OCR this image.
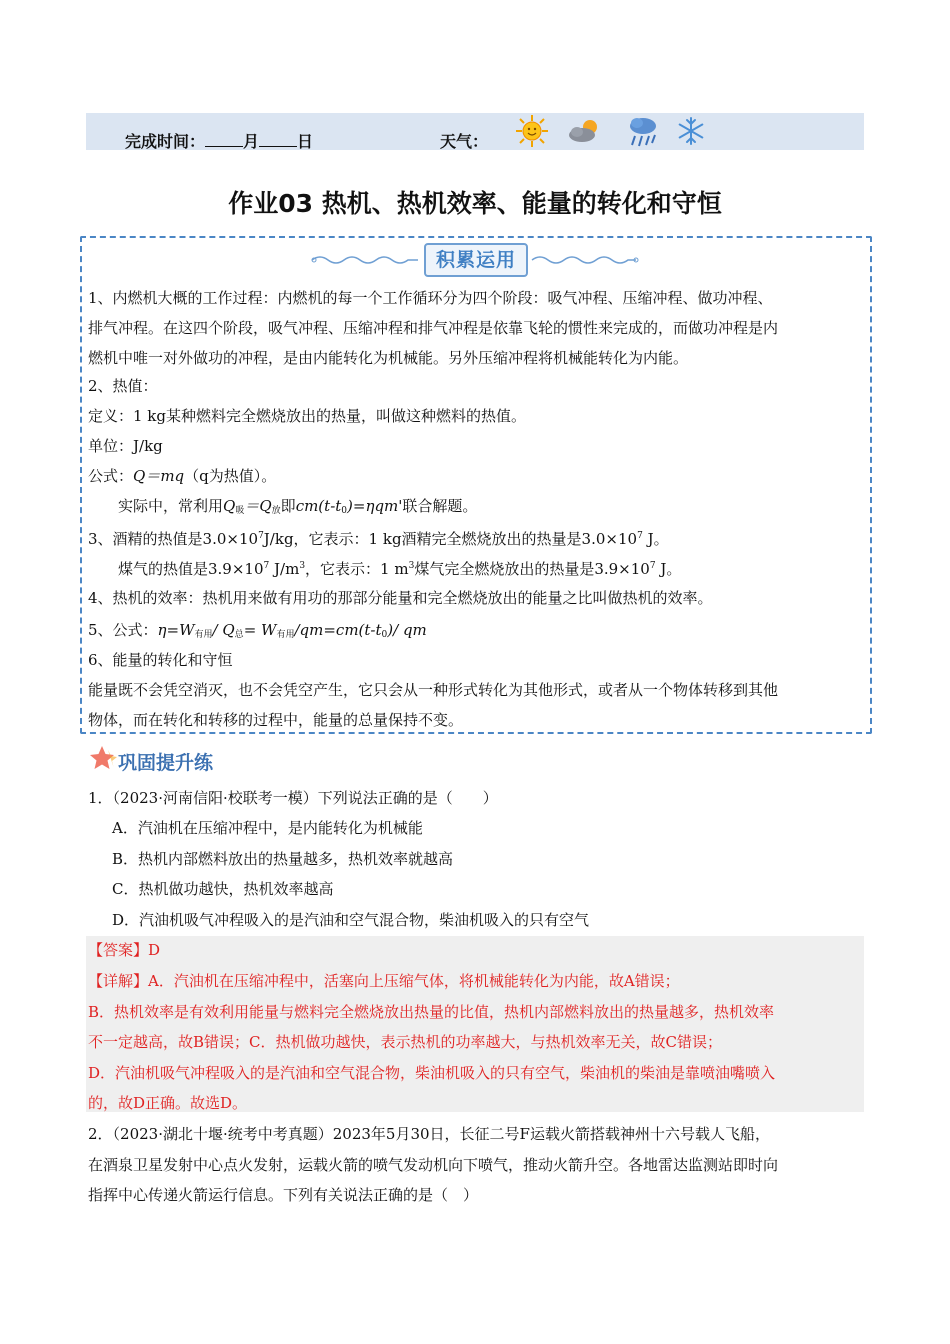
完成时间： 月 日	天气：
作业03 热机、热机效率、能量的转化和守恒
积累运用
1、内燃机大概的工作过程：内燃机的每一个工作循环分为四个阶段：吸气冲程、压缩冲程、做功冲程、
排气冲程。在这四个阶段，吸气冲程、压缩冲程和排气冲程是依靠飞轮的惯性来完成的，而做功冲程是内
燃机中唯一对外做功的冲程，是由内能转化为机械能。另外压缩冲程将机械能转化为内能。
2、热值：
定义：1 kg某种燃料完全燃烧放出的热量，叫做这种燃料的热值。
单位：J/kg
公式：Q＝mq（q为热值）。
实际中，常利用$Q_吸=Q_放$即$cm(t-t_0)=\eta qm'$联合解题。
3、酒精的热值是$3.0\times 10^7J/kg$，它表示：1 kg酒精完全燃烧放出的热量是$3.0\times 10^7$ J。
煤气的热值是$3.9\times 10^7$ $J/m^3$，它表示：1 $m^3$煤气完全燃烧放出的热量是$3.9\times 10^7$ J。
4、热机的效率：热机用来做有用功的那部分能量和完全燃烧放出的能量之比叫做热机的效率。
5、公式：$\eta=W_{有用}/$ $Q_总= W_{有用}/qm=cm(t-t_0)/$ qm
6、能量的转化和守恒
能量既不会凭空消灭，也不会凭空产生，它只会从一种形式转化为其他形式，或者从一个物体转移到其他
物体，而在转化和转移的过程中，能量的总量保持不变。
巩固提升练
1．（2023·河南信阳·校联考一模）下列说法正确的是（　　）
A．汽油机在压缩冲程中，是内能转化为机械能
B．热机内部燃料放出的热量越多，热机效率就越高
C．热机做功越快，热机效率越高
D．汽油机吸气冲程吸入的是汽油和空气混合物，柴油机吸入的只有空气
【答案】D
【详解】A．汽油机在压缩冲程中，活塞向上压缩气体，将机械能转化为内能，故A错误；
B．热机效率是有效利用能量与燃料完全燃烧放出热量的比值，热机内部燃料放出的热量越多，热机效率
不一定越高，故B错误；C．热机做功越快，表示热机的功率越大，与热机效率无关，故C错误；
D．汽油机吸气冲程吸入的是汽油和空气混合物，柴油机吸入的只有空气，柴油机的柴油是靠喷油嘴喷入
的，故D正确。故选D。
2．（2023·湖北十堰·统考中考真题）2023年5月30日，长征二号F运载火箭搭载神州十六号载人飞船，
在酒泉卫星发射中心点火发射，运载火箭的喷气发动机向下喷气，推动火箭升空。各地雷达监测站即时向
指挥中心传递火箭运行信息。下列有关说法正确的是（　）
